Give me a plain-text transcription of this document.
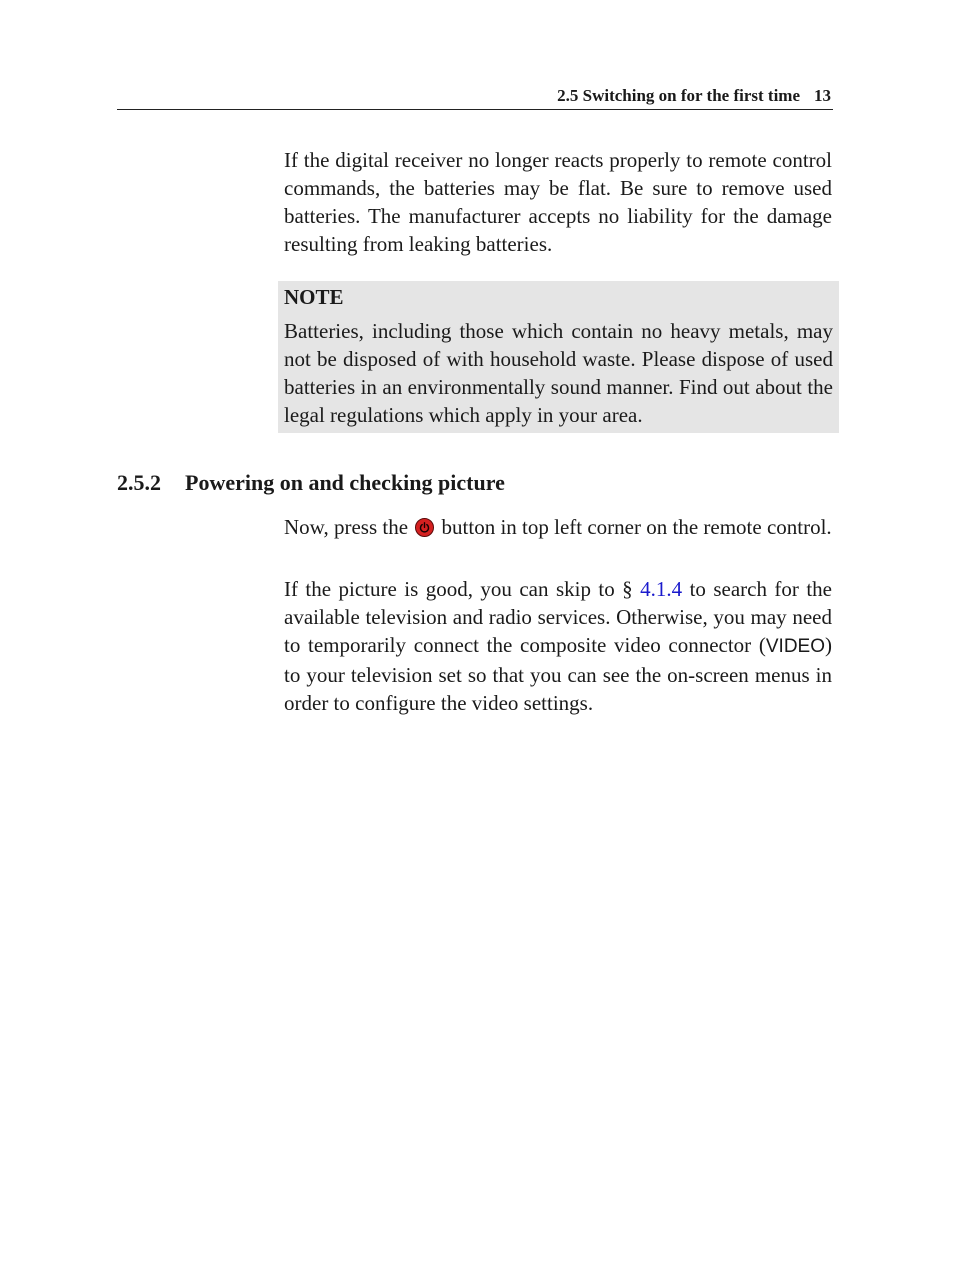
2.5 Switching on for the first time 13

If the digital receiver no longer reacts properly to remote control commands, the batteries may be flat. Be sure to remove used batteries. The manufacturer accepts no liability for the damage resulting from leaking batteries.

NOTE

Batteries, including those which contain no heavy metals, may not be disposed of with household waste. Please dispose of used batteries in an environmentally sound manner. Find out about the legal regulations which apply in your area.

2.5.2 Powering on and checking picture

Now, press the
button in top left corner on the remote control.

If the picture is good, you can skip to § 4.1.4 to search for the available television and radio services. Otherwise, you may need to temporarily connect the composite video connector (VIDEO) to your television set so that you can see the on-screen menus in order to configure the video settings.
